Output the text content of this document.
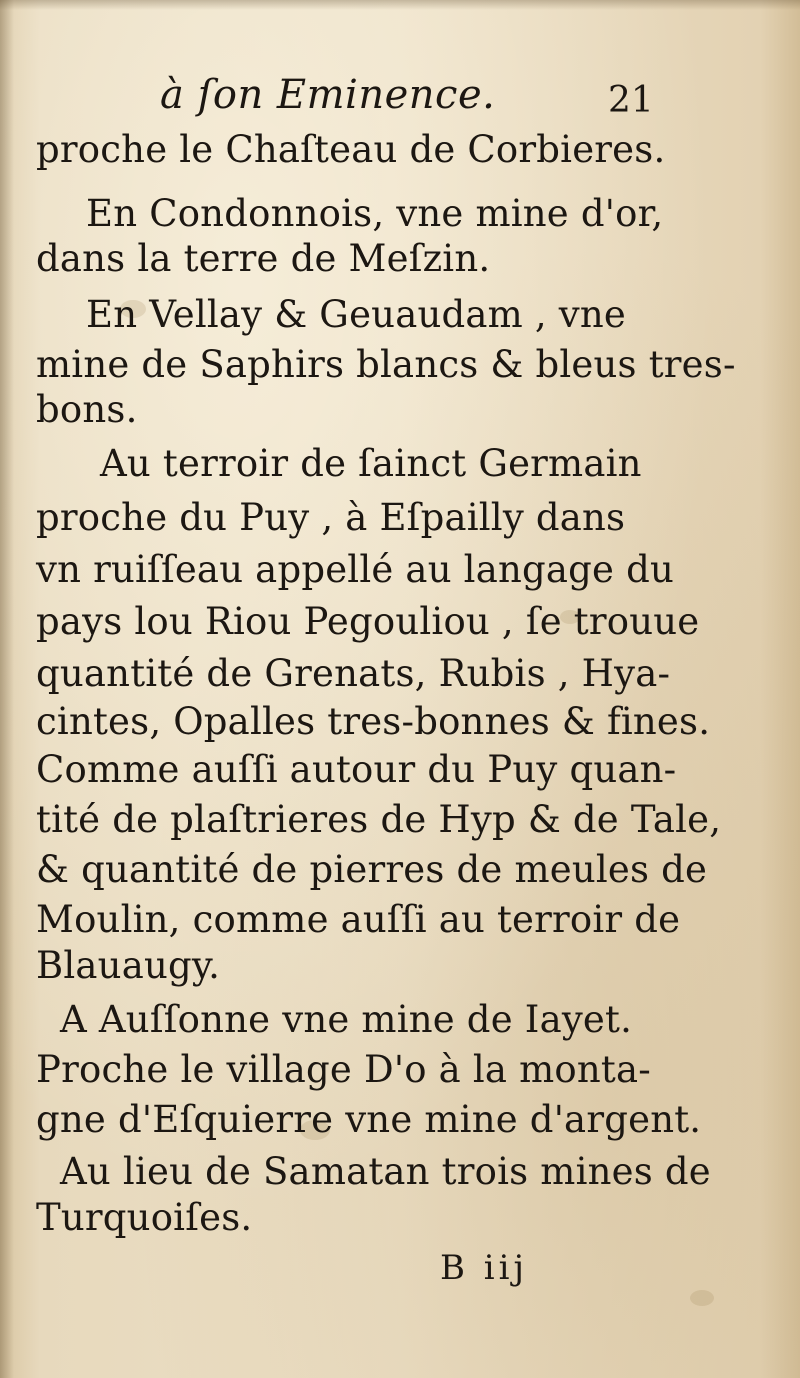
à ſon Eminence.	21
proche le Chaſteau de Corbieres.
En Condonnois, vne mine d'or,
dans la terre de Meſzin.
En Vellay & Geuaudam , vne
mine de Saphirs blancs & bleus tres-
bons.
Au terroir de ſainct Germain
proche du Puy , à Eſpailly dans
vn ruiſſeau appellé au langage du
pays lou Riou Pegouliou , ſe trouue
quantité de Grenats, Rubis , Hya-
cintes, Opalles tres-bonnes & fines.
Comme auſſi autour du Puy quan-
tité de plaſtrieres de Hyp & de Tale,
& quantité de pierres de meules de
Moulin, comme auſſi au terroir de
Blauaugy.
A Auſſonne vne mine de Iayet.
Proche le village D'o à la monta-
gne d'Eſquierre vne mine d'argent.
Au lieu de Samatan trois mines de
Turquoiſes.
B iij
